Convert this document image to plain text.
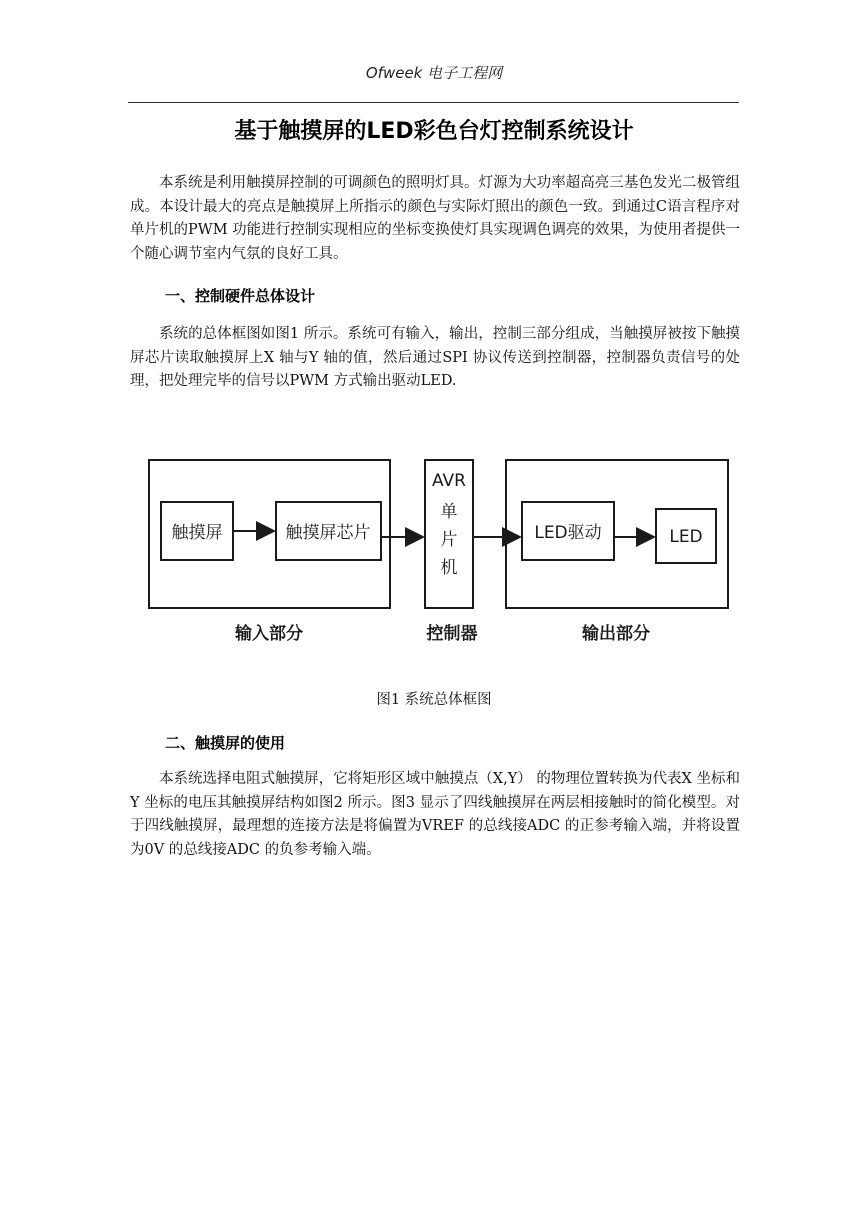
Ofweek 电子工程网
基于触摸屏的LED彩色台灯控制系统设计

本系统是利用触摸屏控制的可调颜色的照明灯具。灯源为大功率超高亮三基色发光二极管组成。本设计最大的亮点是触摸屏上所指示的颜色与实际灯照出的颜色一致。到通过C语言程序对单片机的PWM 功能进行控制实现相应的坐标变换使灯具实现调色调亮的效果，为使用者提供一个随心调节室内气氛的良好工具。

一、控制硬件总体设计

系统的总体框图如图1 所示。系统可有输入，输出，控制三部分组成，当触摸屏被按下触摸屏芯片读取触摸屏上X 轴与Y 轴的值，然后通过SPI 协议传送到控制器，控制器负责信号的处理，把处理完毕的信号以PWM 方式输出驱动LED.

触摸屏	触摸屏芯片
AVR
单
片
机
LED驱动	LED
输入部分	控制器	输出部分
图1 系统总体框图
二、触摸屏的使用

本系统选择电阻式触摸屏，它将矩形区域中触摸点（X,Y） 的物理位置转换为代表X 坐标和Y 坐标的电压其触摸屏结构如图2 所示。图3 显示了四线触摸屏在两层相接触时的简化模型。对于四线触摸屏，最理想的连接方法是将偏置为VREF 的总线接ADC 的正参考输入端，并将设置为0V 的总线接ADC 的负参考输入端。
